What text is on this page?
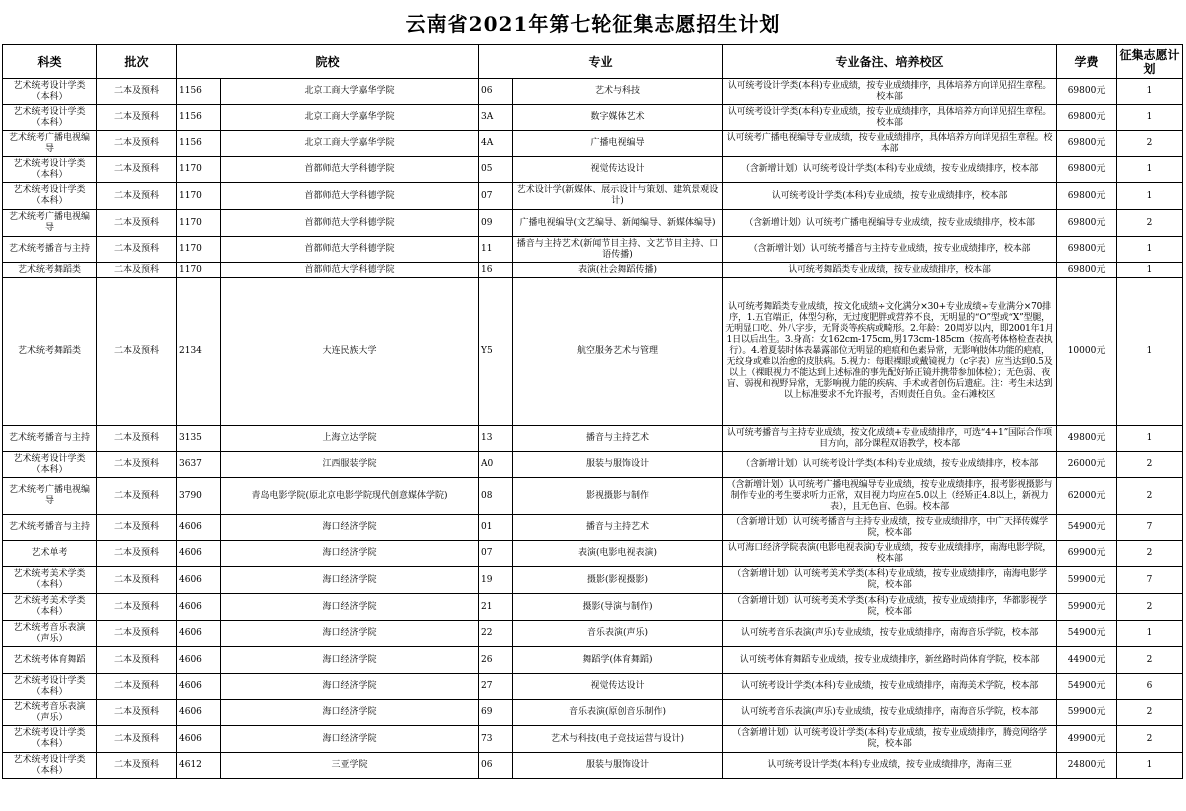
云南省2021年第七轮征集志愿招生计划
科类	批次	院校		专业		专业备注、培养校区	学费	征集志愿计划
艺术统考设计学类（本科）	二本及预科	1156	北京工商大学嘉华学院	06	艺术与科技	认可统考设计学类(本科)专业成绩，按专业成绩排序，具体培养方向详见招生章程。校本部	69800元	1
艺术统考设计学类（本科）	二本及预科	1156	北京工商大学嘉华学院	3A	数字媒体艺术	认可统考设计学类(本科)专业成绩，按专业成绩排序，具体培养方向详见招生章程。校本部	69800元	1
艺术统考广播电视编导	二本及预科	1156	北京工商大学嘉华学院	4A	广播电视编导	认可统考广播电视编导专业成绩，按专业成绩排序，具体培养方向详见招生章程。校本部	69800元	2
艺术统考设计学类（本科）	二本及预科	1170	首都师范大学科德学院	05	视觉传达设计	（含新增计划）认可统考设计学类(本科)专业成绩，按专业成绩排序，校本部	69800元	1
艺术统考设计学类（本科）	二本及预科	1170	首都师范大学科德学院	07	艺术设计学(新媒体、展示设计与策划、建筑景观设计)	认可统考设计学类(本科)专业成绩，按专业成绩排序，校本部	69800元	1
艺术统考广播电视编导	二本及预科	1170	首都师范大学科德学院	09	广播电视编导(文艺编导、新闻编导、新媒体编导)	（含新增计划）认可统考广播电视编导专业成绩，按专业成绩排序，校本部	69800元	2
艺术统考播音与主持	二本及预科	1170	首都师范大学科德学院	11	播音与主持艺术(新闻节目主持、文艺节目主持、口语传播)	（含新增计划）认可统考播音与主持专业成绩，按专业成绩排序，校本部	69800元	1
艺术统考舞蹈类	二本及预科	1170	首都师范大学科德学院	16	表演(社会舞蹈传播)	认可统考舞蹈类专业成绩，按专业成绩排序，校本部	69800元	1
艺术统考舞蹈类	二本及预科	2134	大连民族大学	Y5	航空服务艺术与管理	认可统考舞蹈类专业成绩，按文化成绩÷文化满分×30+专业成绩÷专业满分×70排序，1.五官端正，体型匀称，无过度肥胖或营养不良，无明显的“O”型或“X”型腿，无明显口吃、外八字步，无肾炎等疾病或畸形。2.年龄：20周岁以内，即2001年1月1日以后出生。3.身高：女162cm-175cm,男173cm-185cm（按高考体格检查表执行）。4.着夏装时体表暴露部位无明显的疤痕和色素异常，无影响肢体功能的疤痕，无纹身或难以治愈的皮肤病。5.视力：每眼裸眼或戴镜视力（c字表）应当达到0.5及以上（裸眼视力不能达到上述标准的事先配好矫正镜并携带参加体检）；无色弱、夜盲、弱视和视野异常，无影响视力能的疾病、手术或者创伤后遗症。注：考生未达到以上标准要求不允许报考，否则责任自负。金石滩校区	10000元	1
艺术统考播音与主持	二本及预科	3135	上海立达学院	13	播音与主持艺术	认可统考播音与主持专业成绩，按文化成绩+专业成绩排序，可选“4+1”国际合作项目方向，部分课程双语教学，校本部	49800元	1
艺术统考设计学类（本科）	二本及预科	3637	江西服装学院	A0	服装与服饰设计	（含新增计划）认可统考设计学类(本科)专业成绩，按专业成绩排序，校本部	26000元	2
艺术统考广播电视编导	二本及预科	3790	青岛电影学院(原北京电影学院现代创意媒体学院)	08	影视摄影与制作	（含新增计划）认可统考广播电视编导专业成绩，按专业成绩排序，报考影视摄影与制作专业的考生要求听力正常，双目视力均应在5.0以上（经矫正4.8以上，新视力表），且无色盲、色弱。校本部	62000元	2
艺术统考播音与主持	二本及预科	4606	海口经济学院	01	播音与主持艺术	（含新增计划）认可统考播音与主持专业成绩，按专业成绩排序，中广天择传媒学院，校本部	54900元	7
艺术单考	二本及预科	4606	海口经济学院	07	表演(电影电视表演)	认可海口经济学院表演(电影电视表演)专业成绩，按专业成绩排序，南海电影学院，校本部	69900元	2
艺术统考美术学类（本科）	二本及预科	4606	海口经济学院	19	摄影(影视摄影)	（含新增计划）认可统考美术学类(本科)专业成绩，按专业成绩排序，南海电影学院，校本部	59900元	7
艺术统考美术学类（本科）	二本及预科	4606	海口经济学院	21	摄影(导演与制作)	（含新增计划）认可统考美术学类(本科)专业成绩，按专业成绩排序，华都影视学院，校本部	59900元	2
艺术统考音乐表演（声乐）	二本及预科	4606	海口经济学院	22	音乐表演(声乐)	认可统考音乐表演(声乐)专业成绩，按专业成绩排序，南海音乐学院，校本部	54900元	1
艺术统考体育舞蹈	二本及预科	4606	海口经济学院	26	舞蹈学(体育舞蹈)	认可统考体育舞蹈专业成绩，按专业成绩排序，新丝路时尚体育学院，校本部	44900元	2
艺术统考设计学类（本科）	二本及预科	4606	海口经济学院	27	视觉传达设计	认可统考设计学类(本科)专业成绩，按专业成绩排序，南海美术学院，校本部	54900元	6
艺术统考音乐表演（声乐）	二本及预科	4606	海口经济学院	69	音乐表演(原创音乐制作)	认可统考音乐表演(声乐)专业成绩，按专业成绩排序，南海音乐学院，校本部	59900元	2
艺术统考设计学类（本科）	二本及预科	4606	海口经济学院	73	艺术与科技(电子竞技运营与设计)	（含新增计划）认可统考设计学类(本科)专业成绩，按专业成绩排序，腾竞网络学院，校本部	49900元	2
艺术统考设计学类（本科）	二本及预科	4612	三亚学院	06	服装与服饰设计	认可统考设计学类(本科)专业成绩，按专业成绩排序，海南三亚	24800元	1
